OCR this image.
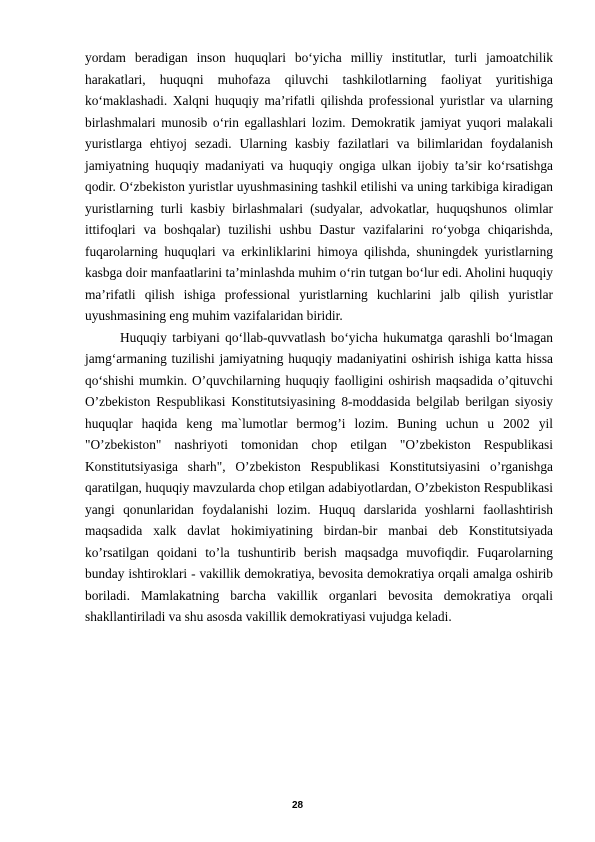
yordam beradigan inson huquqlari bo‘yicha milliy institutlar, turli jamoatchilik harakatlari, huquqni muhofaza qiluvchi tashkilotlarning faoliyat yuritishiga ko‘maklashadi. Xalqni huquqiy ma’rifatli qilishda professional yuristlar va ularning birlashmalari munosib o‘rin egallashlari lozim. Demokratik jamiyat yuqori malakali yuristlarga ehtiyoj sezadi. Ularning kasbiy fazilatlari va bilimlaridan foydalanish jamiyatning huquqiy madaniyati va huquqiy ongiga ulkan ijobiy ta’sir ko‘rsatishga qodir. O‘zbekiston yuristlar uyushmasining tashkil etilishi va uning tarkibiga kiradigan yuristlarning turli kasbiy birlashmalari (sudyalar, advokatlar, huquqshunos olimlar ittifoqlari va boshqalar) tuzilishi ushbu Dastur vazifalarini ro‘yobga chiqarishda, fuqarolarning huquqlari va erkinliklarini himoya qilishda, shuningdek yuristlarning kasbga doir manfaatlarini ta’minlashda muhim o‘rin tutgan bo‘lur edi. Aholini huquqiy ma’rifatli qilish ishiga professional yuristlarning kuchlarini jalb qilish yuristlar uyushmasining eng muhim vazifalaridan biridir.

Huquqiy tarbiyani qo‘llab-quvvatlash bo‘yicha hukumatga qarashli bo‘lmagan jamg‘armaning tuzilishi jamiyatning huquqiy madaniyatini oshirish ishiga katta hissa qo‘shishi mumkin. O’quvchilarning huquqiy faolligini oshirish maqsadida o’qituvchi O’zbekiston Respublikasi Konstitutsiyasining 8-moddasida belgilab berilgan siyosiy huquqlar haqida keng ma`lumotlar bermog’i lozim. Buning uchun u 2002 yil "O’zbekiston" nashriyoti tomonidan chop etilgan "O’zbekiston Respublikasi Konstitutsiyasiga sharh", O’zbekiston Respublikasi Konstitutsiyasini o’rganishga qaratilgan, huquqiy mavzularda chop etilgan adabiyotlardan, O’zbekiston Respublikasi yangi qonunlaridan foydalanishi lozim. Huquq darslarida yoshlarni faollashtirish maqsadida xalk davlat hokimiyatining birdan-bir manbai deb Konstitutsiyada ko’rsatilgan qoidani to’la tushuntirib berish maqsadga muvofiqdir. Fuqarolarning bunday ishtiroklari - vakillik demokratiya, bevosita demokratiya orqali amalga oshirib boriladi. Mamlakatning barcha vakillik organlari bevosita demokratiya orqali shakllantiriladi va shu asosda vakillik demokratiyasi vujudga keladi.

28
